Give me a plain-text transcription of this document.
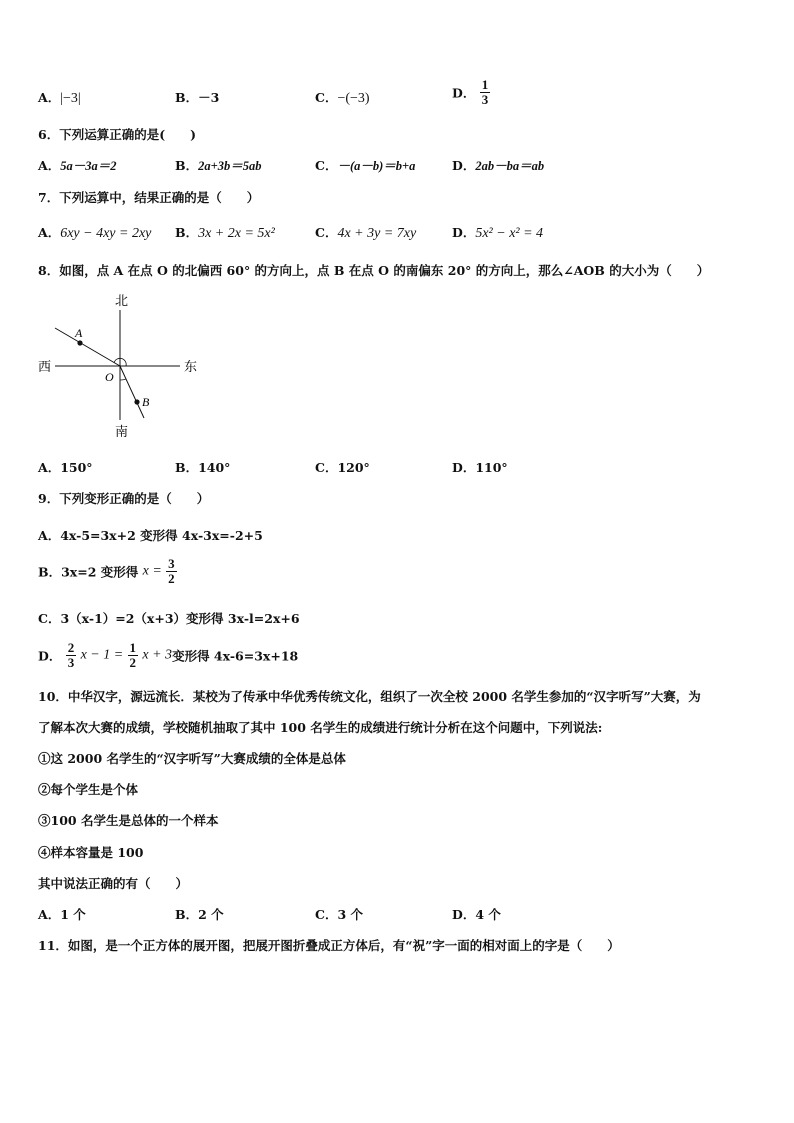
A．|−3|	B．－3	C．−(−3)	D． $\frac{1}{3}$
6．下列运算正确的是(　　)
A．5a－3a＝2	B．2a+3b＝5ab	C．－(a－b)＝b+a	D．2ab－ba＝ab
7．下列运算中，结果正确的是（　　）
A．6xy − 4xy = 2xy B．3x + 2x = 5x²	C．4x + 3y = 7xy	D．5x² − x² = 4
8．如图，点 A 在点 O 的北偏西 60° 的方向上，点 B 在点 O 的南偏东 20° 的方向上，那么∠AOB 的大小为（　　）
北
南
西	东
A
B
O
A．150°	B．140°	C．120°	D．110°
9．下列变形正确的是（　　）
A．4x-5=3x+2 变形得 4x-3x=-2+5
B．3x=2 变形得 $x = \frac{3}{2}$
C．3（x-1）=2（x+3）变形得 3x-l=2x+6
D． $\frac{2}{3}$ $x - 1 = \frac{1}{2}$ x + 3变形得 4x-6=3x+18
10．中华汉字，源远流长．某校为了传承中华优秀传统文化，组织了一次全校 2000 名学生参加的“汉字听写”大赛，为
了解本次大赛的成绩，学校随机抽取了其中 100 名学生的成绩进行统计分析在这个问题中，下列说法:
①这 2000 名学生的“汉字听写”大赛成绩的全体是总体
②每个学生是个体
③100 名学生是总体的一个样本
④样本容量是 100
其中说法正确的有（　　）
A．1 个	B．2 个	C．3 个	D．4 个
11．如图，是一个正方体的展开图，把展开图折叠成正方体后，有“祝”字一面的相对面上的字是（　　）
